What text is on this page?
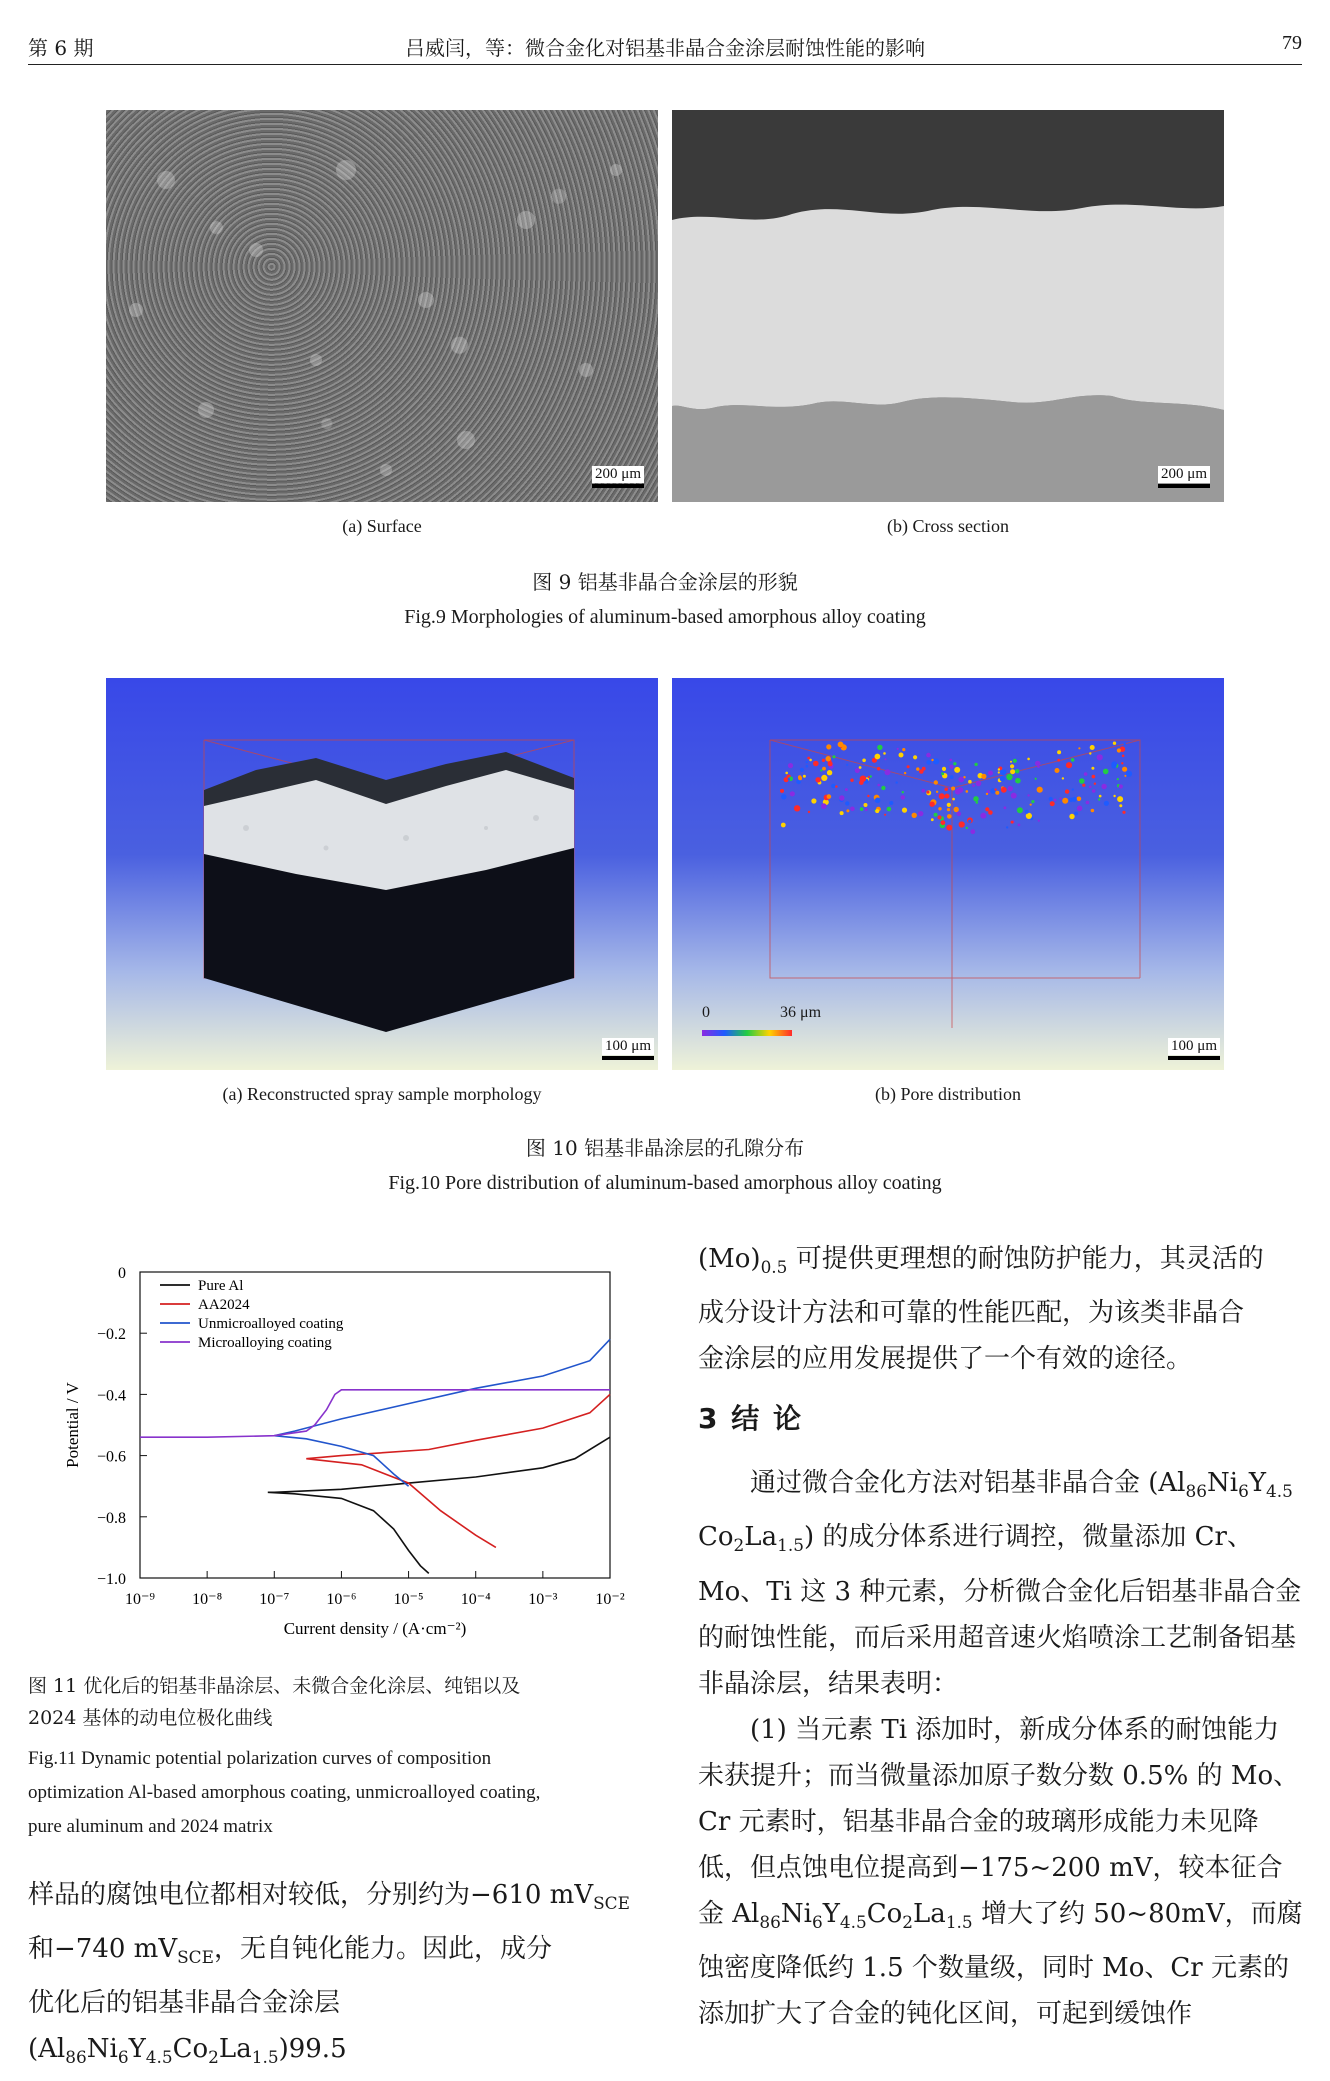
第 6 期	吕威闫，等：微合金化对铝基非晶合金涂层耐蚀性能的影响	79
200 μm	200 μm
(a) Surface	(b) Cross section
图 9 铝基非晶合金涂层的形貌
Fig.9 Morphologies of aluminum-based amorphous alloy coating
100 μm
0	36 μm
100 μm
(a) Reconstructed spray sample morphology	(b) Pore distribution
图 10 铝基非晶涂层的孔隙分布
Fig.10 Pore distribution of aluminum-based amorphous alloy coating
0
−0.2
−0.4
−0.6
−0.8
−1.0
10⁻⁹ 10⁻⁸ 10⁻⁷ 10⁻⁶ 10⁻⁵ 10⁻⁴ 10⁻³ 10⁻²
Current density / (A·cm⁻²)
Potential / V
Pure Al
AA2024
Unmicroalloyed coating
Microalloying coating
图 11 优化后的铝基非晶涂层、未微合金化涂层、纯铝以及
2024 基体的动电位极化曲线
Fig.11 Dynamic potential polarization curves of composition
optimization Al-based amorphous coating, unmicroalloyed coating,
pure aluminum and 2024 matrix

样品的腐蚀电位都相对较低，分别约为−610 $mV_{SCE}$

和−740 $mV_{SCE}$，无自钝化能力。因此，成分

优化后的铝基非晶合金涂层 $(Al_{86}Ni_6Y_{4.5}Co_2La_{1.5})99.5$

$(Mo)_{0.5}$ 可提供更理想的耐蚀防护能力，其灵活的
成分设计方法和可靠的性能匹配，为该类非晶合
金涂层的应用发展提供了一个有效的途径。

3 结 论

通过微合金化方法对铝基非晶合金 ($Al_{86}Ni_6Y_{4.5}$ $Co_2La_{1.5}$) 的成分体系进行调控，微量添加 Cr、Mo、Ti 这 3 种元素，分析微合金化后铝基非晶合金的耐蚀性能，而后采用超音速火焰喷涂工艺制备铝基非晶涂层，结果表明：

(1) 当元素 Ti 添加时，新成分体系的耐蚀能力未获提升；而当微量添加原子数分数 0.5% 的 Mo、Cr 元素时，铝基非晶合金的玻璃形成能力未见降低，但点蚀电位提高到−175~200 mV，较本征合金 $Al_{86}Ni_6Y_{4.5}Co_2La_{1.5}$ 增大了约 50~80mV，而腐蚀密度降低约 1.5 个数量级，同时 Mo、Cr 元素的添加扩大了合金的钝化区间，可起到缓蚀作
